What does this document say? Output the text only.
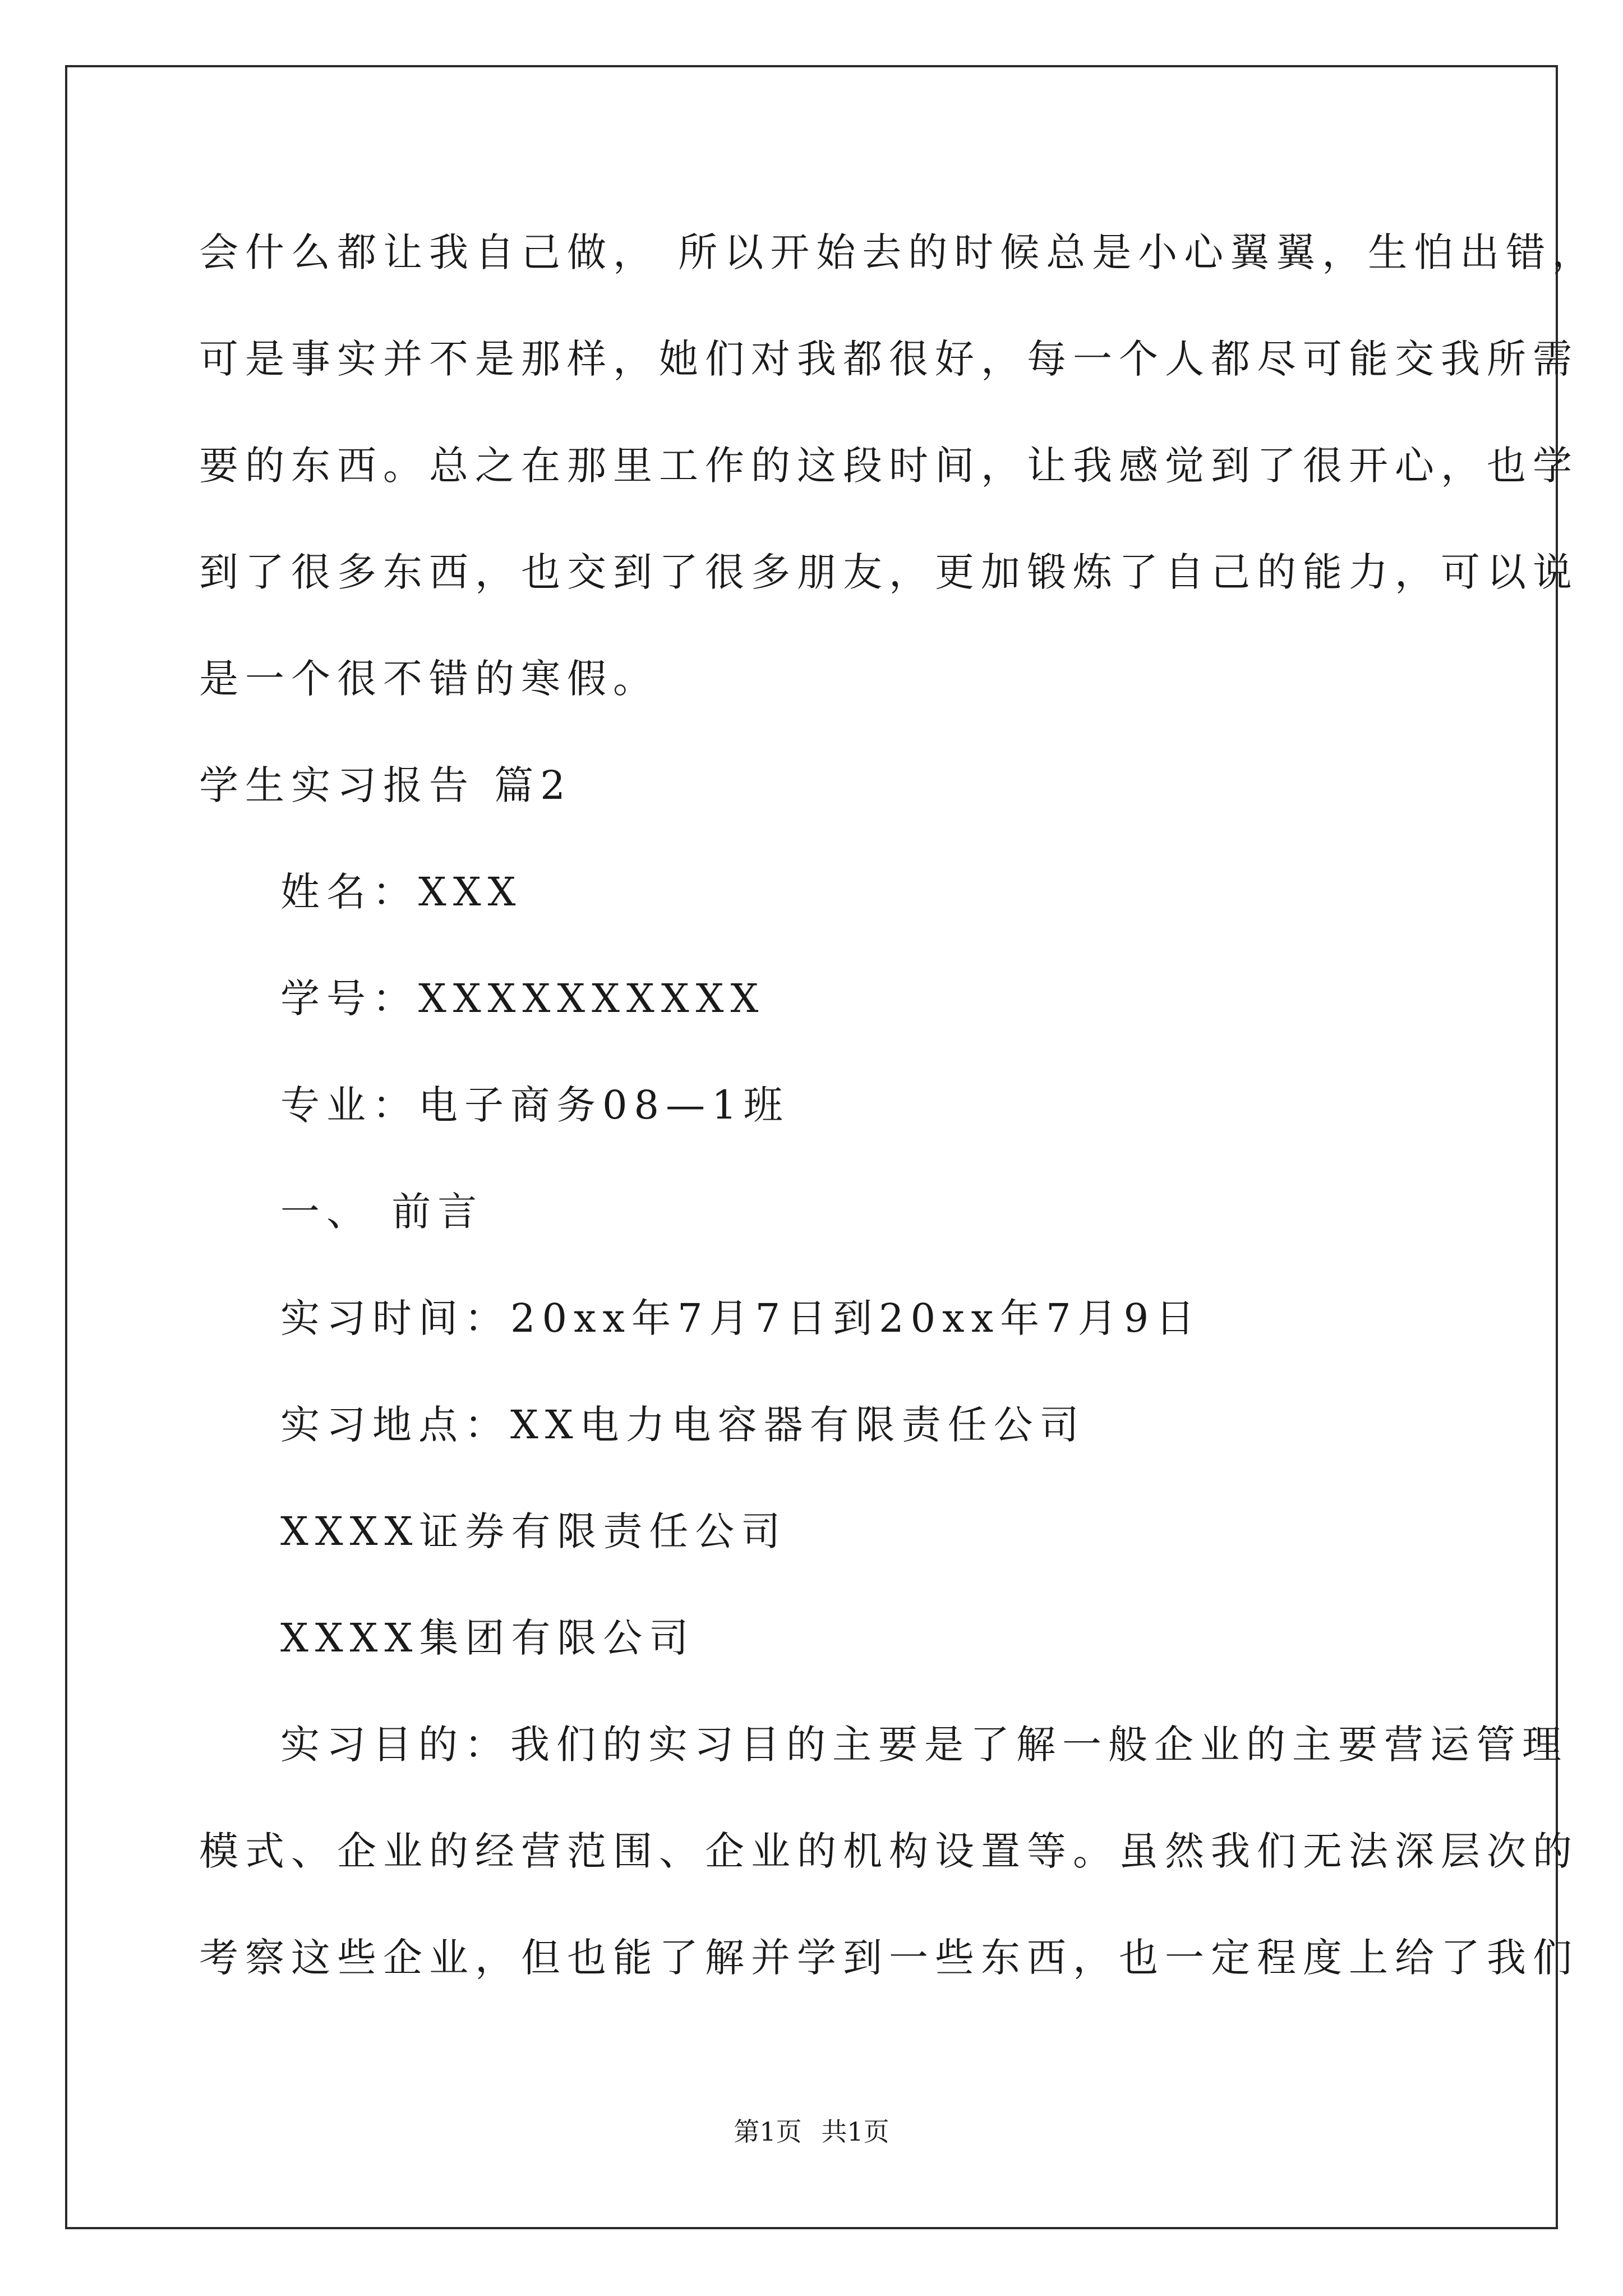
会什么都让我自己做， 所以开始去的时候总是小心翼翼，生怕出错，
可是事实并不是那样，她们对我都很好，每一个人都尽可能交我所需
要的东西。总之在那里工作的这段时间，让我感觉到了很开心，也学
到了很多东西，也交到了很多朋友，更加锻炼了自己的能力，可以说
是一个很不错的寒假。
学生实习报告 篇2
姓名：XXX
学号：XXXXXXXXXX
专业：电子商务08—1班
一、 前言
实习时间：20xx年7月7日到20xx年7月9日
实习地点：XX电力电容器有限责任公司
XXXX证券有限责任公司
XXXX集团有限公司
实习目的：我们的实习目的主要是了解一般企业的主要营运管理
模式、企业的经营范围、企业的机构设置等。虽然我们无法深层次的
考察这些企业，但也能了解并学到一些东西，也一定程度上给了我们
第1页 共1页
